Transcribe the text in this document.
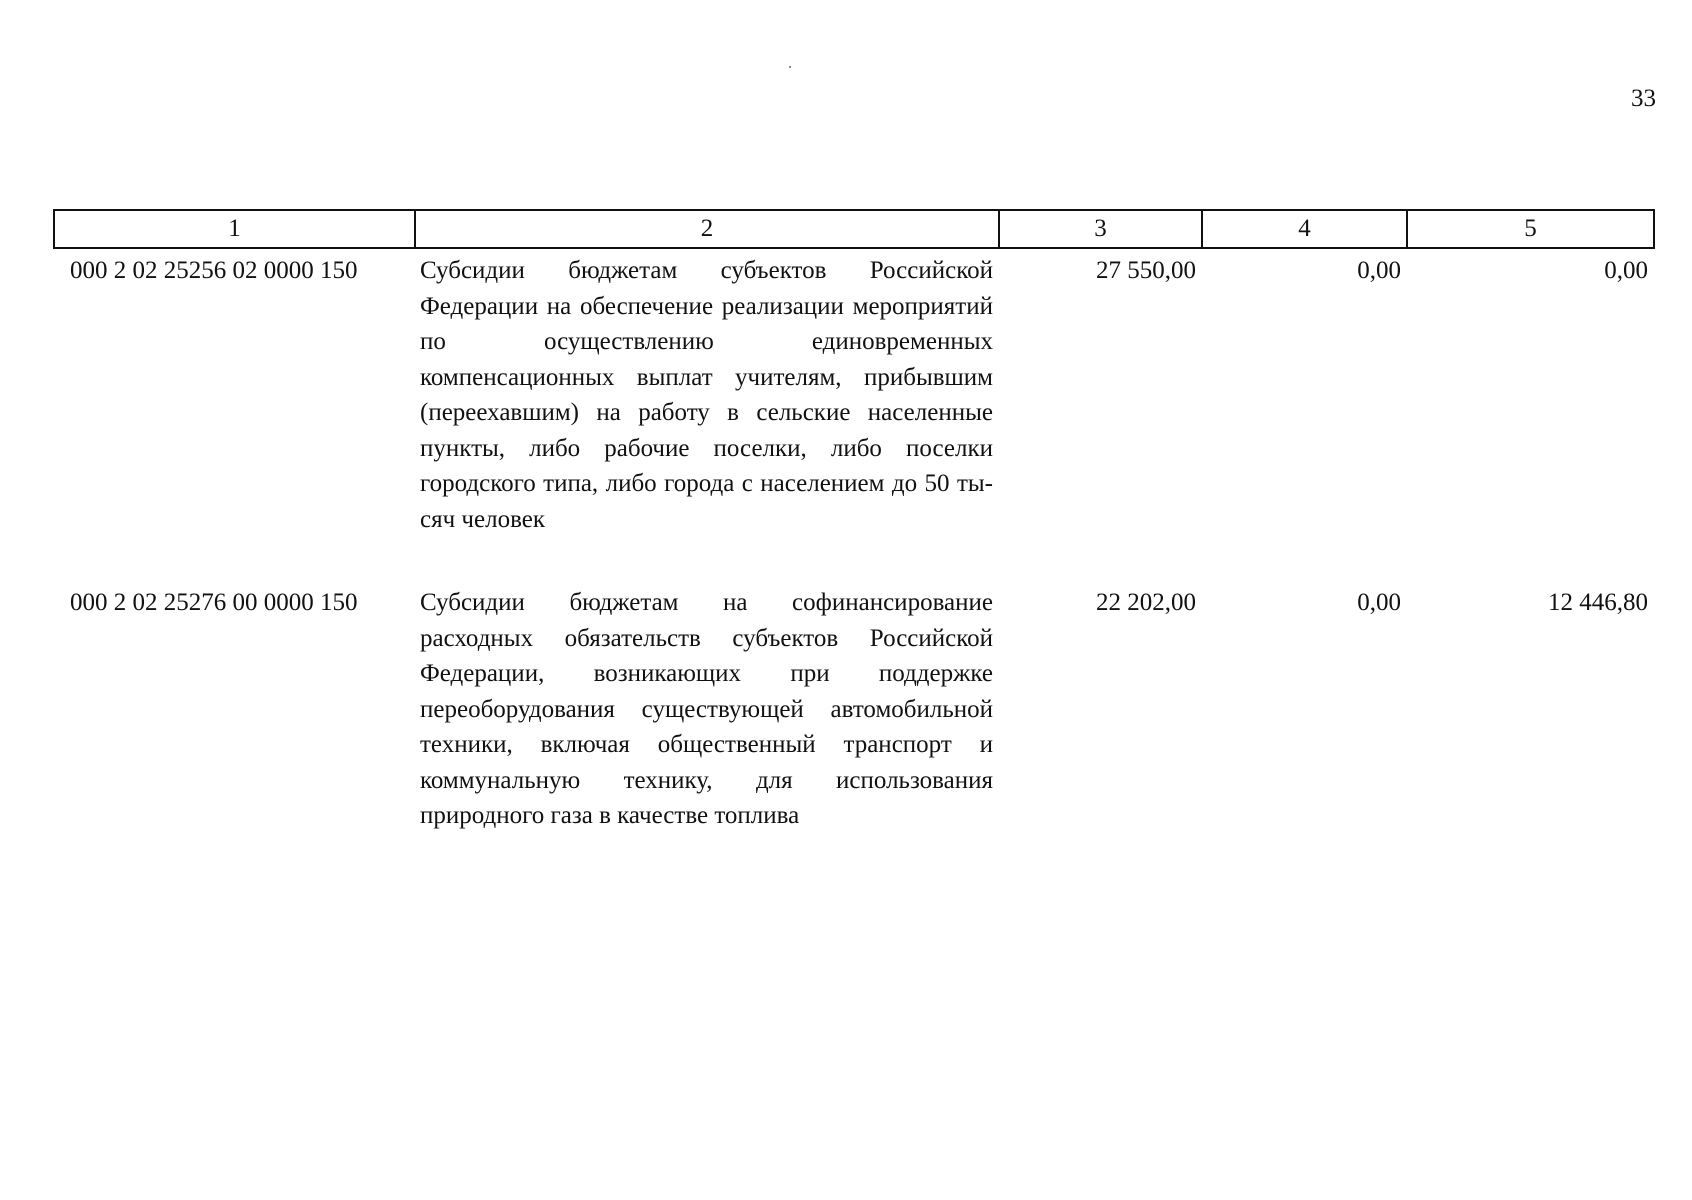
33
1	2	3	4	5
000 2 02 25256 02 0000 150	Субсидии бюджетам субъектов Российской Федерации на обеспечение реализации мероприятий по осуществлению единовременных компенсационных выплат учителям, прибывшим (переехавшим) на работу в сельские населенные пункты, либо рабочие поселки, либо поселки городского типа, либо города с населением до 50 тысяч человек	27 550,00	0,00	0,00
000 2 02 25276 00 0000 150	Субсидии бюджетам на софинансирование расходных обязательств субъектов Российской Федерации, возникающих при поддержке переоборудования существующей автомобильной техники, включая общественный транспорт и коммунальную технику, для использования природного газа в качестве топлива	22 202,00	0,00	12 446,80
